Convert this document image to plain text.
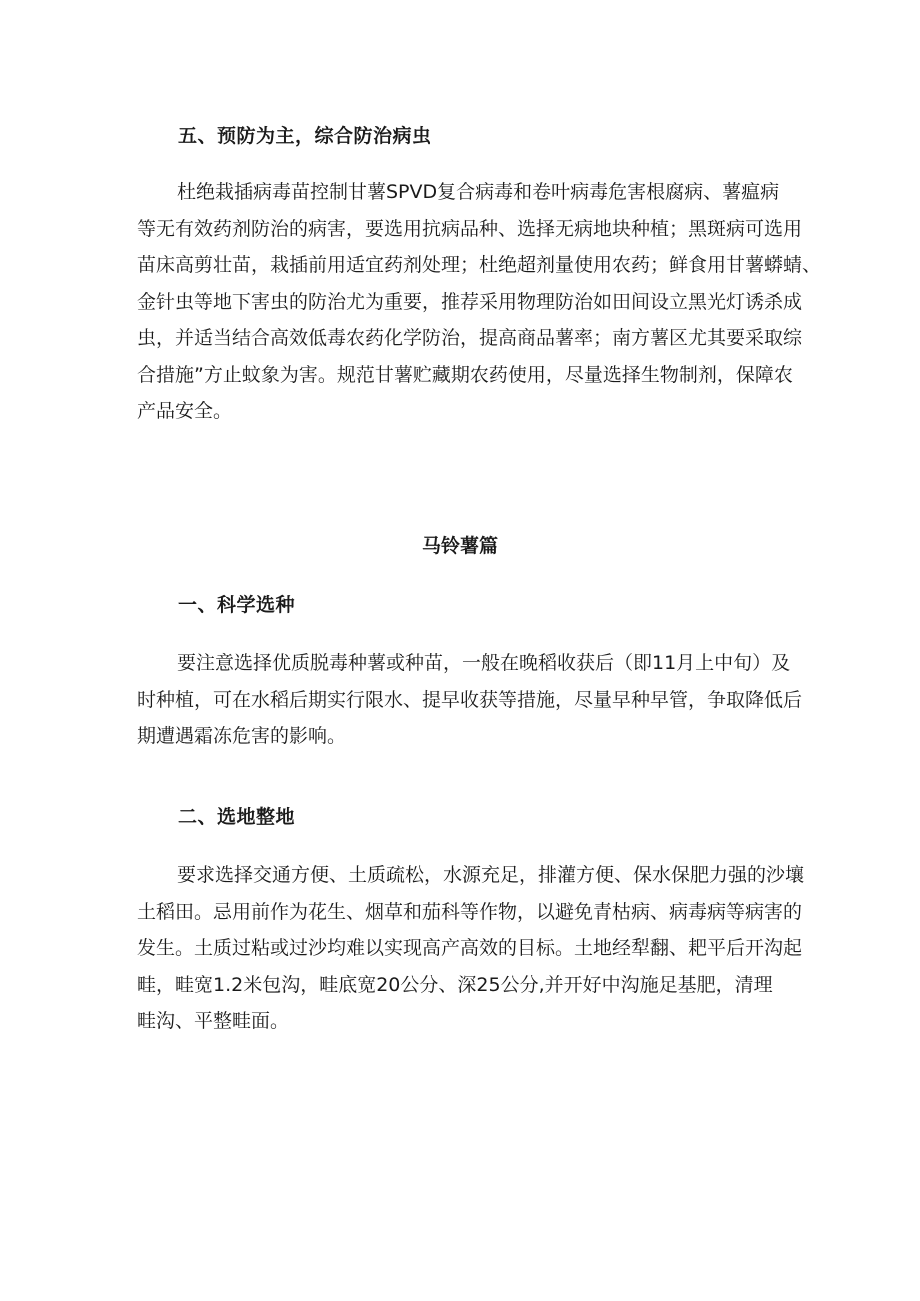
五、预防为主，综合防治病虫
杜绝栽插病毒苗控制甘薯SPVD复合病毒和卷叶病毒危害根腐病、薯瘟病
等无有效药剂防治的病害，要选用抗病品种、选择无病地块种植；黑斑病可选用
苗床高剪壮苗，栽插前用适宜药剂处理；杜绝超剂量使用农药；鲜食用甘薯蟒蜻、
金针虫等地下害虫的防治尤为重要，推荐采用物理防治如田间设立黑光灯诱杀成
虫，并适当结合高效低毒农药化学防治，提高商品薯率；南方薯区尤其要采取综
合措施”方止蚊象为害。规范甘薯贮藏期农药使用，尽量选择生物制剂，保障农
产品安全。
马铃薯篇
一、科学选种
要注意选择优质脱毒种薯或种苗，一般在晚稻收获后（即11月上中旬）及
时种植，可在水稻后期实行限水、提早收获等措施，尽量早种早管，争取降低后
期遭遇霜冻危害的影响。
二、选地整地
要求选择交通方便、土质疏松，水源充足，排灌方便、保水保肥力强的沙壤
土稻田。忌用前作为花生、烟草和茄科等作物，以避免青枯病、病毒病等病害的
发生。土质过粘或过沙均难以实现高产高效的目标。土地经犁翻、耙平后开沟起
畦，畦宽1.2米包沟，畦底宽20公分、深25公分,并开好中沟施足基肥，清理
畦沟、平整畦面。
